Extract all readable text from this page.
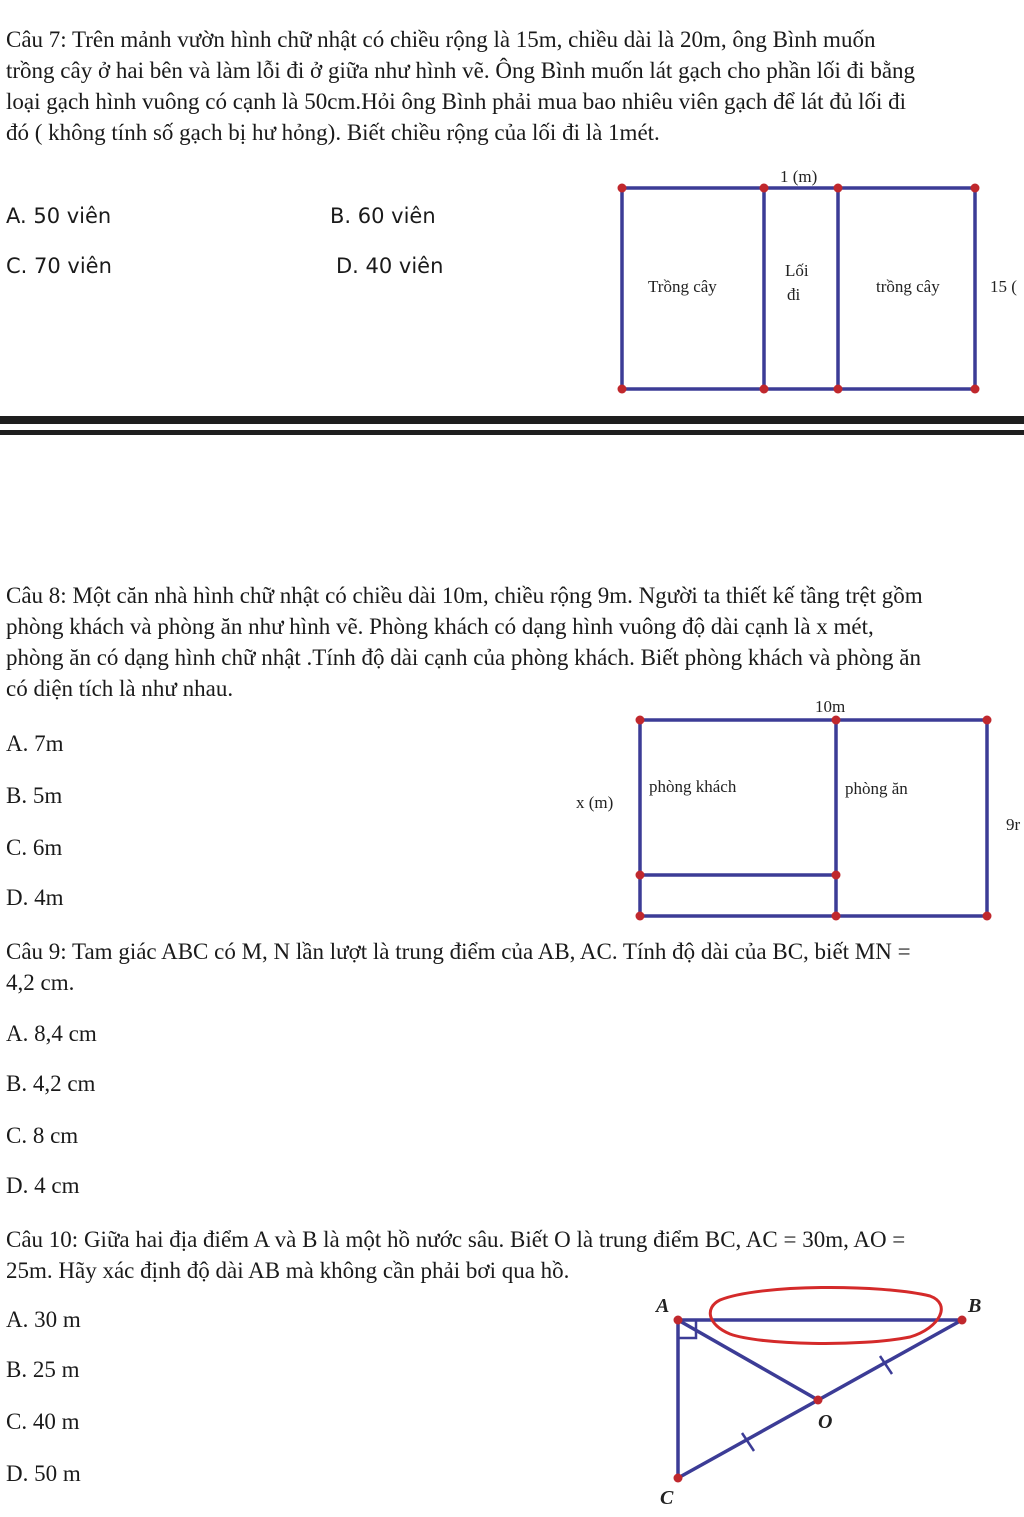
Câu 7: Trên mảnh vườn hình chữ nhật có chiều rộng là 15m, chiều dài là 20m, ông Bình muốn trồng cây ở hai bên và làm lỗi đi ở giữa như hình vẽ. Ông Bình muốn lát gạch cho phần lối đi bằng loại gạch hình vuông có cạnh là 50cm.Hỏi ông Bình phải mua bao nhiêu viên gạch để lát đủ lối đi đó ( không tính số gạch bị hư hỏng). Biết chiều rộng của lối đi là 1mét.
A. 50 viên	B. 60 viên
C. 70 viên	D. 40 viên
1 (m)
Trồng cây
Lối
đi	trồng cây	15 (
Câu 8: Một căn nhà hình chữ nhật có chiều dài 10m, chiều rộng 9m. Người ta thiết kế tầng trệt gồm phòng khách và phòng ăn như hình vẽ. Phòng khách có dạng hình vuông độ dài cạnh là x mét, phòng ăn có dạng hình chữ nhật .Tính độ dài cạnh của phòng khách. Biết phòng khách và phòng ăn có diện tích là như nhau.
A. 7m
B. 5m
C. 6m
D. 4m
10m
x (m)
phòng khách	phòng ăn
9r
Câu 9: Tam giác ABC có M, N lần lượt là trung điểm của AB, AC. Tính độ dài của BC, biết MN = 4,2 cm.
A. 8,4 cm
B. 4,2 cm
C. 8 cm
D. 4 cm
Câu 10: Giữa hai địa điểm A và B là một hồ nước sâu. Biết O là trung điểm BC, AC = 30m, AO = 25m. Hãy xác định độ dài AB mà không cần phải bơi qua hồ.
A. 30 m
B. 25 m
C. 40 m
D. 50 m
A	B
O
C
